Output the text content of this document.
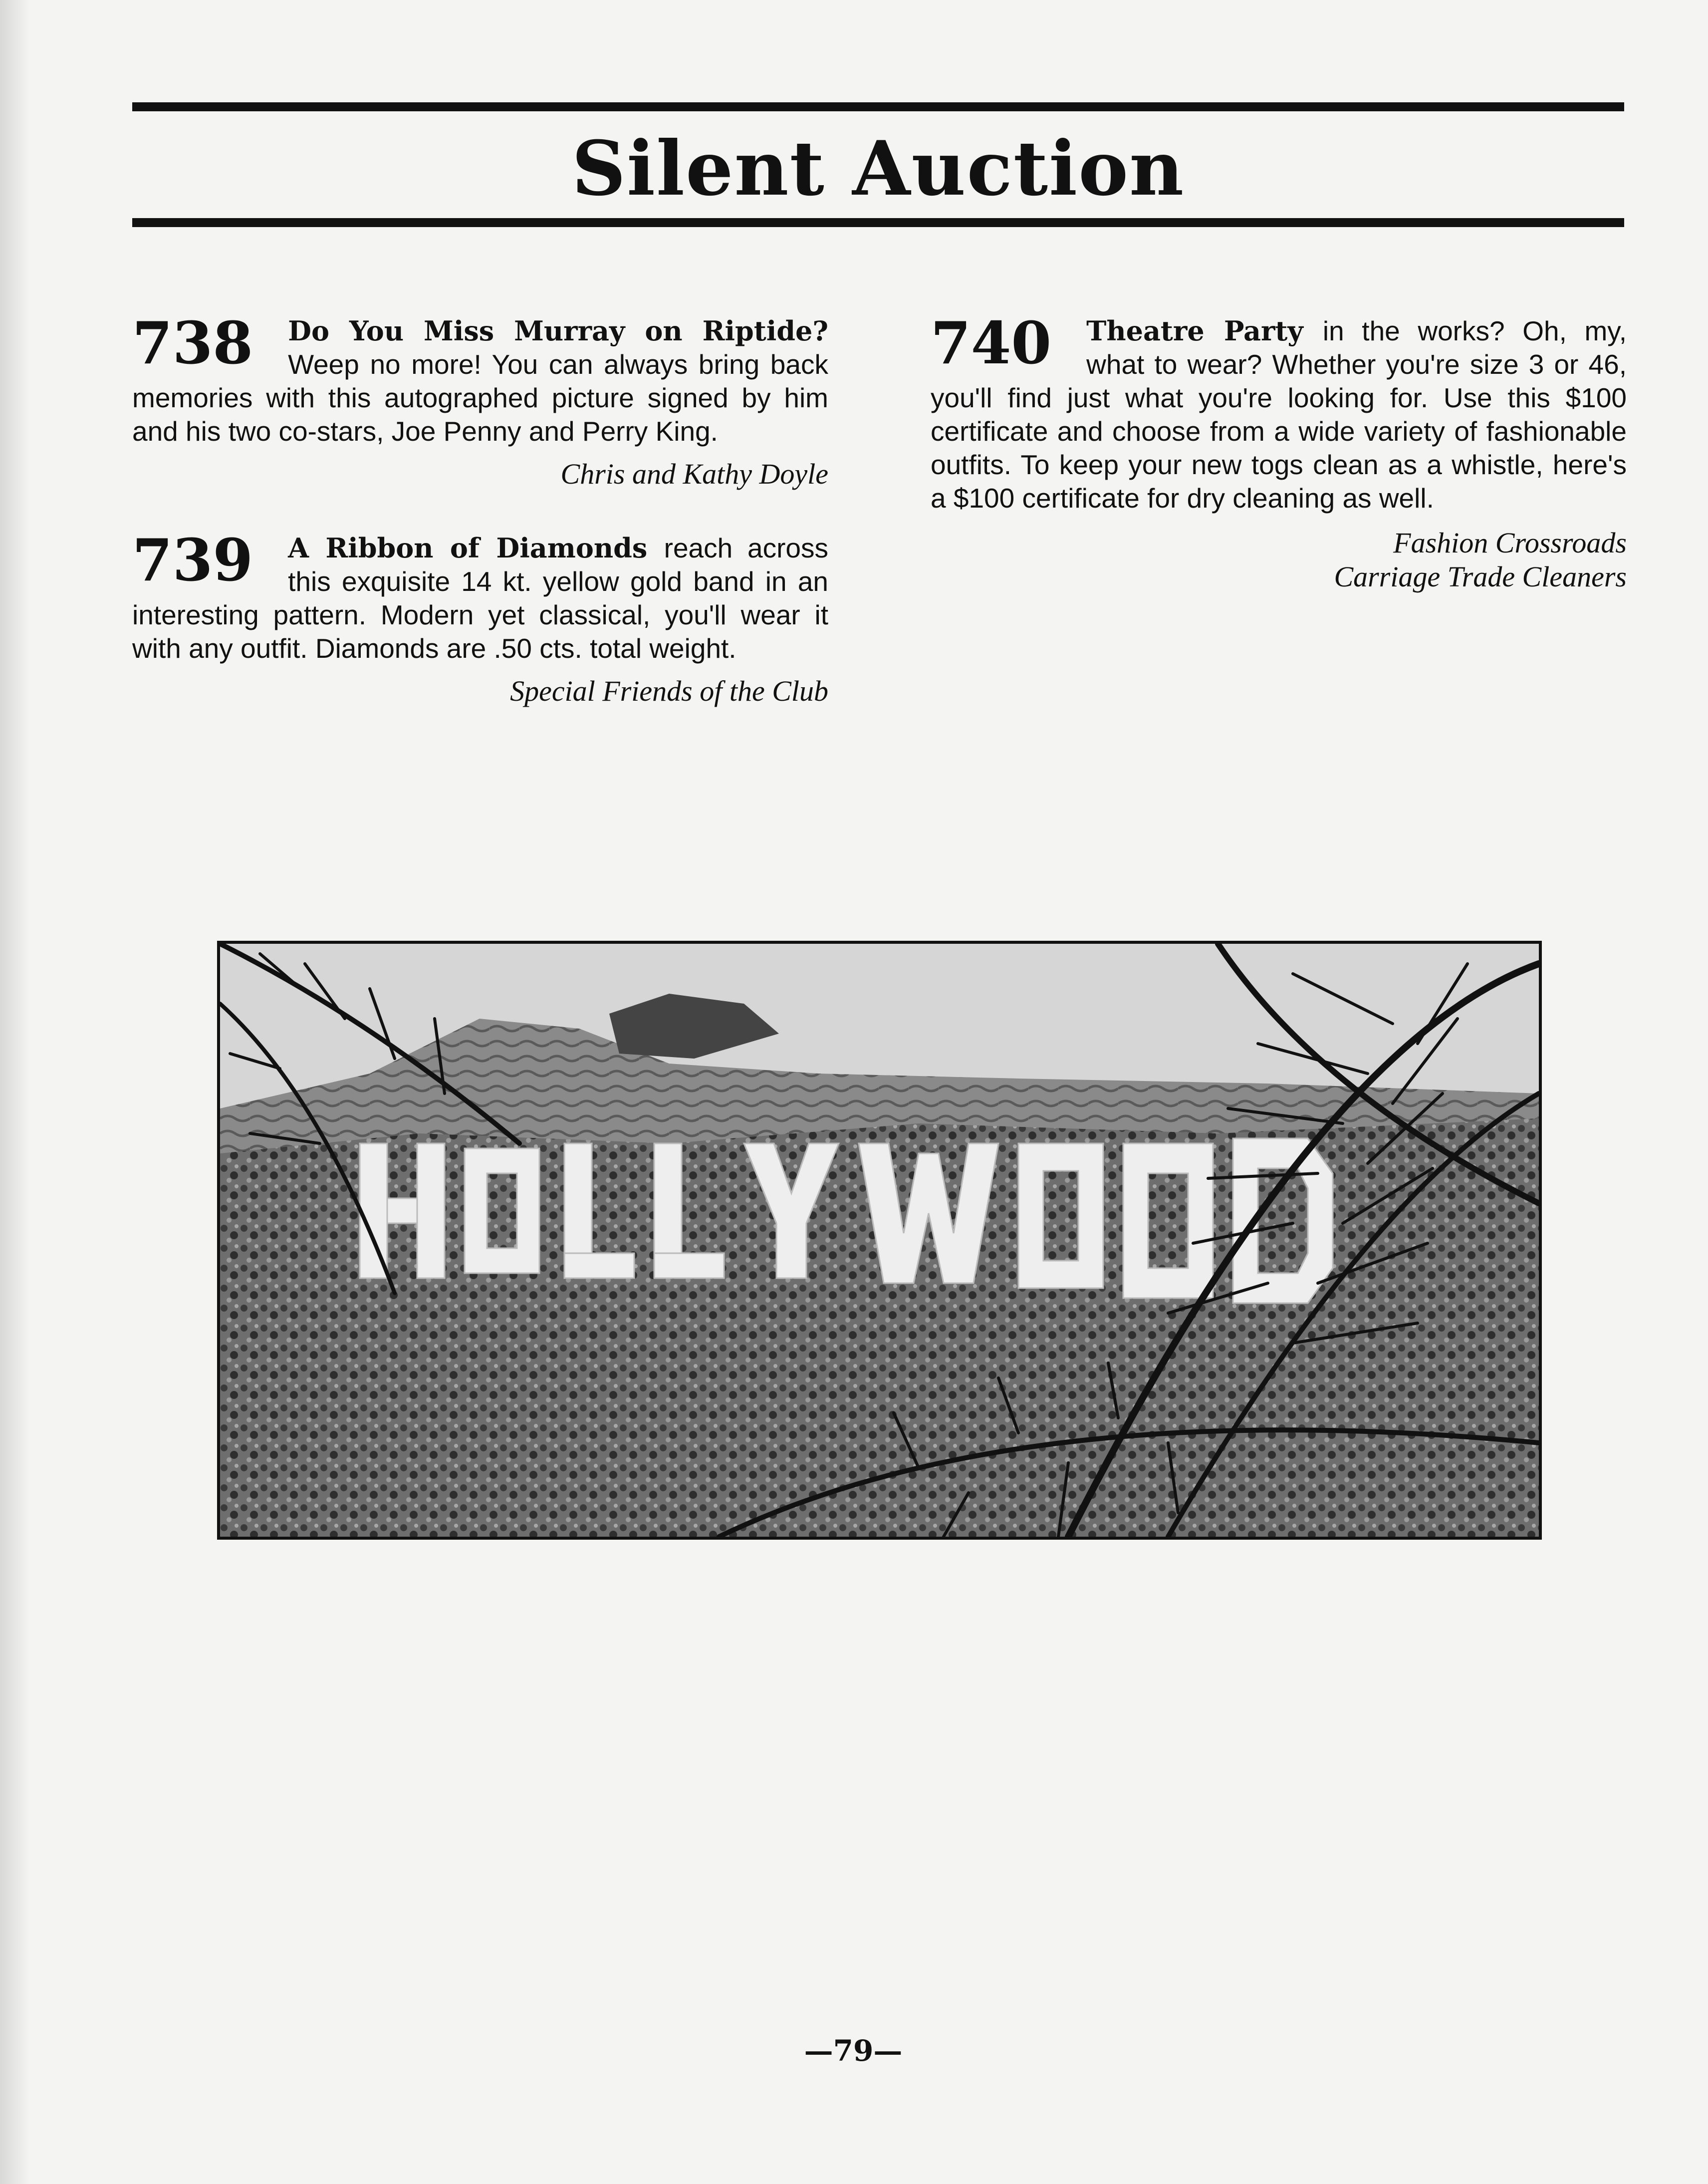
Silent Auction
738 Do You Miss Murray on Riptide? Weep no more! You can always bring back memories with this autographed picture signed by him and his two co-stars, Joe Penny and Perry King.
Chris and Kathy Doyle
739 A Ribbon of Diamonds reach across this exquisite 14 kt. yellow gold band in an interesting pattern. Modern yet classical, you'll wear it with any outfit. Diamonds are .50 cts. total weight.
Special Friends of the Club
740 Theatre Party in the works? Oh, my, what to wear? Whether you're size 3 or 46, you'll find just what you're looking for. Use this $100 certificate and choose from a wide variety of fashionable outfits. To keep your new togs clean as a whistle, here's a $100 certificate for dry cleaning as well.
Fashion Crossroads
Carriage Trade Cleaners
—79—
